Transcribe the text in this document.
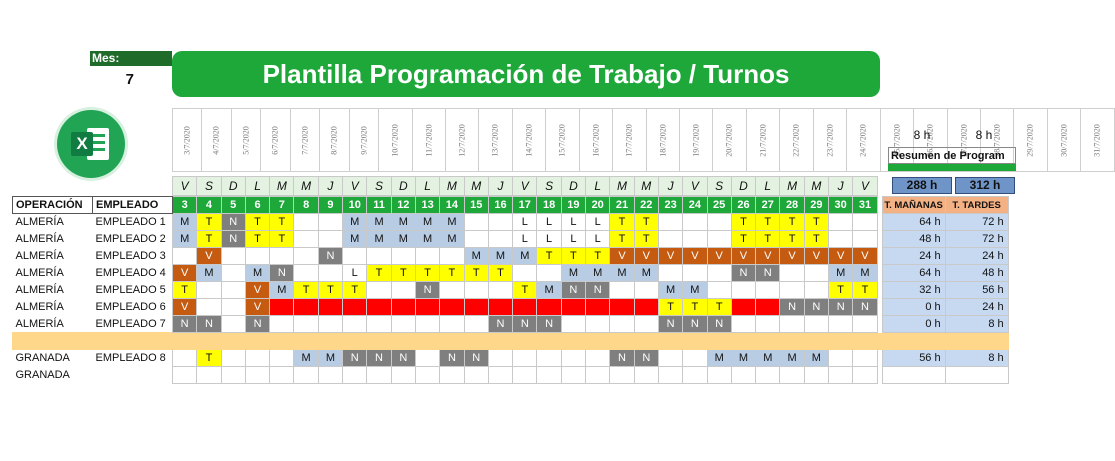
Mes:
7	Plantilla Programación de Trabajo / Turnos
X	3/7/2020	4/7/2020	5/7/2020	6/7/2020	7/7/2020	8/7/2020	9/7/2020	10/7/2020	11/7/2020	12/7/2020	13/7/2020	14/7/2020	15/7/2020	16/7/2020	17/7/2020	18/7/2020	19/7/2020	20/7/2020	21/7/2020	22/7/2020	23/7/2020	24/7/2020	25/7/2020	26/7/2020	27/7/2020	28/7/2020	29/7/2020	30/7/2020	31/7/2020
V	S	D	L	M	M	J	V	S	D	L	M	M	J	V	S	D	L	M	M	J	V	S	D	L	M	M	J	V
8 h	8 h
Resumen de Program
288 h	312 h
OPERACIÓN	EMPLEADO	3	4	5	6	7	8	9	10	11	12	13	14	15	16	17	18	19	20	21	22	23	24	25	26	27	28	29	30	31		T. MAÑANAS	T. TARDES
ALMERÍA	EMPLEADO 1	M	T	N	T	T			M	M	M	M	M			L	L	L	L	T	T				T	T	T	T				64 h	72 h
ALMERÍA	EMPLEADO 2	M	T	N	T	T			M	M	M	M	M			L	L	L	L	T	T				T	T	T	T				48 h	72 h
ALMERÍA	EMPLEADO 3		V					N						M	M	M	T	T	T	V	V	V	V	V	V	V	V	V	V	V		24 h	24 h
ALMERÍA	EMPLEADO 4	V	M		M	N			L	T	T	T	T	T	T			M	M	M	M				N	N			M	M		64 h	48 h
ALMERÍA	EMPLEADO 5	T			V	M	T	T	T			N				T	M	N	N			M	M						T	T		32 h	56 h
ALMERÍA	EMPLEADO 6	V			V																	T	T	T			N	N	N	N		0 h	24 h
ALMERÍA	EMPLEADO 7	N	N		N										N	N	N					N	N	N								0 h	8 h

GRANADA	EMPLEADO 8		T				M	M	N	N	N		N	N						N	N			M	M	M	M	M				56 h	8 h
GRANADA																																	
